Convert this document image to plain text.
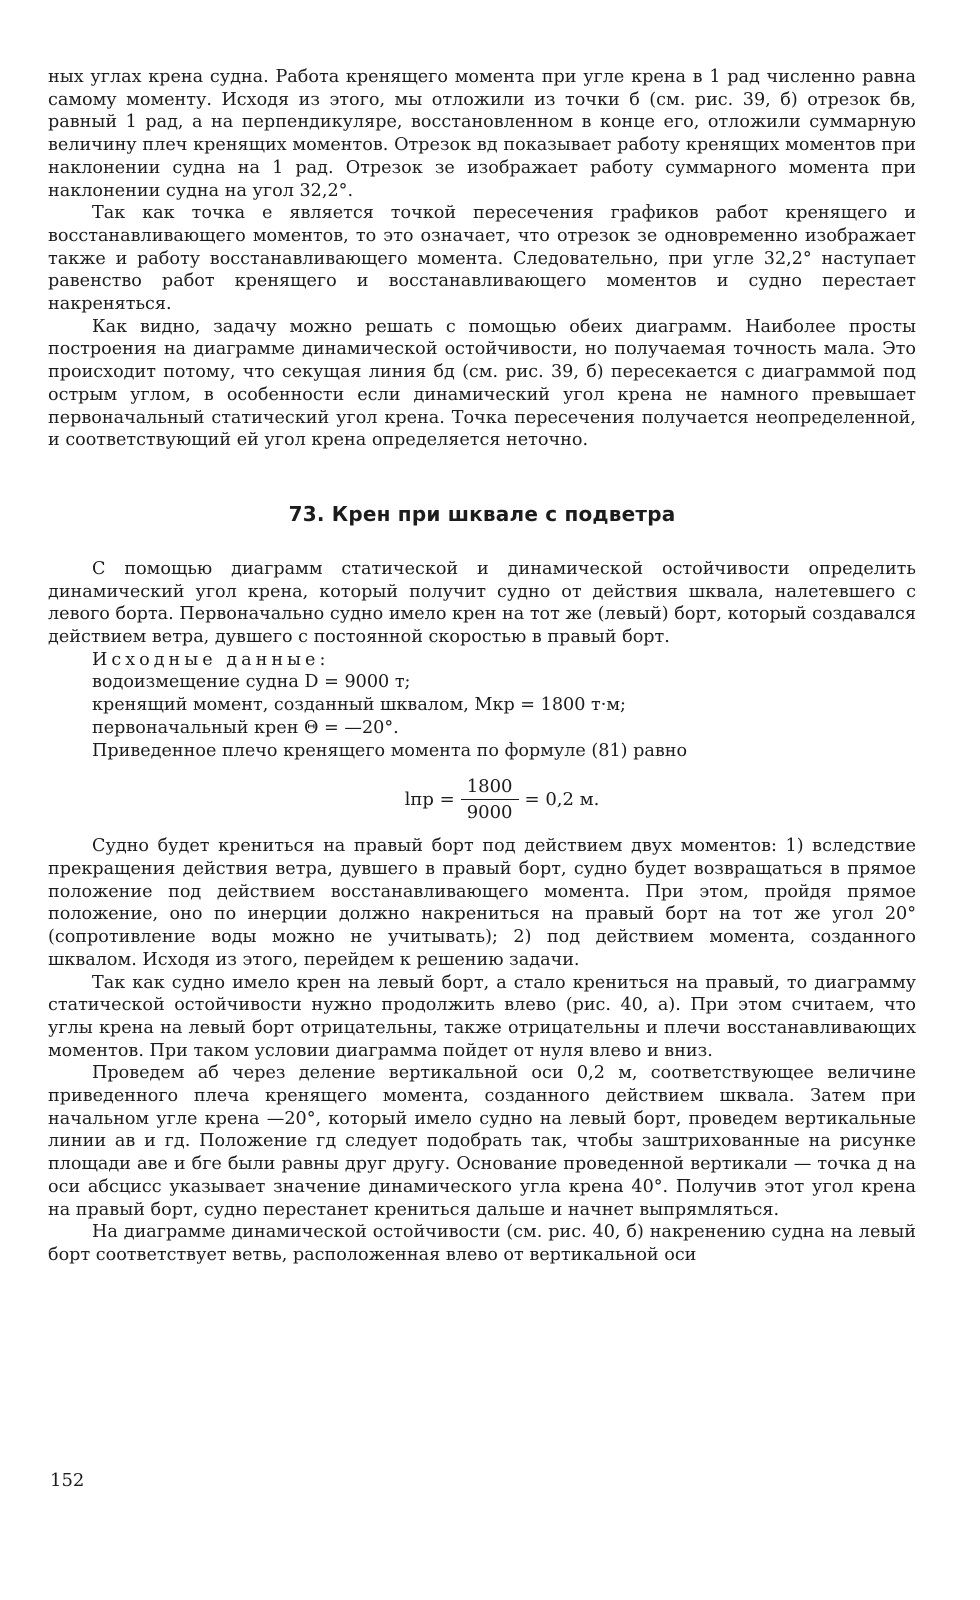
ных углах крена судна. Работа кренящего момента при угле крена в 1 рад численно равна самому моменту. Исходя из этого, мы отложили из точки б (см. рис. 39, б) отрезок бв, равный 1 рад, а на перпендикуляре, восстановленном в конце его, отложили суммарную величину плеч кренящих моментов. Отрезок вд показывает работу кренящих моментов при наклонении судна на 1 рад. Отрезок зе изображает работу суммарного момента при наклонении судна на угол 32,2°.

Так как точка е является точкой пересечения графиков работ кренящего и восстанавливающего моментов, то это означает, что отрезок зе одновременно изображает также и работу восстанавливающего момента. Следовательно, при угле 32,2° наступает равенство работ кренящего и восстанавливающего моментов и судно перестает накреняться.

Как видно, задачу можно решать с помощью обеих диаграмм. Наиболее просты построения на диаграмме динамической остойчивости, но получаемая точность мала. Это происходит потому, что секущая линия бд (см. рис. 39, б) пересекается с диаграммой под острым углом, в особенности если динамический угол крена не намного превышает первоначальный статический угол крена. Точка пересечения получается неопределенной, и соответствующий ей угол крена определяется неточно.

73. Крен при шквале с подветра

С помощью диаграмм статической и динамической остойчивости определить динамический угол крена, который получит судно от действия шквала, налетевшего с левого борта. Первоначально судно имело крен на тот же (левый) борт, который создавался действием ветра, дувшего с постоянной скоростью в правый борт.

Исходные данные:

водоизмещение судна D = 9000 т;

кренящий момент, созданный шквалом, Mкр = 1800 т·м;

первоначальный крен Θ = —20°.

Приведенное плечо кренящего момента по формуле (81) равно

lпр = $\frac{1800}{9000} = 0,2$ м.

Судно будет крениться на правый борт под действием двух моментов: 1) вследствие прекращения действия ветра, дувшего в правый борт, судно будет возвращаться в прямое положение под действием восстанавливающего момента. При этом, пройдя прямое положение, оно по инерции должно накрениться на правый борт на тот же угол 20° (сопротивление воды можно не учитывать); 2) под действием момента, созданного шквалом. Исходя из этого, перейдем к решению задачи.

Так как судно имело крен на левый борт, а стало крениться на правый, то диаграмму статической остойчивости нужно продолжить влево (рис. 40, а). При этом считаем, что углы крена на левый борт отрицательны, также отрицательны и плечи восстанавливающих моментов. При таком условии диаграмма пойдет от нуля влево и вниз.

Проведем аб через деление вертикальной оси 0,2 м, соответствующее величине приведенного плеча кренящего момента, созданного действием шквала. Затем при начальном угле крена —20°, который имело судно на левый борт, проведем вертикальные линии ав и гд. Положение гд следует подобрать так, чтобы заштрихованные на рисунке площади аве и бге были равны друг другу. Основание проведенной вертикали — точка д на оси абсцисс указывает значение динамического угла крена 40°. Получив этот угол крена на правый борт, судно перестанет крениться дальше и начнет выпрямляться.

На диаграмме динамической остойчивости (см. рис. 40, б) накренению судна на левый борт соответствует ветвь, расположенная влево от вертикальной оси

152
